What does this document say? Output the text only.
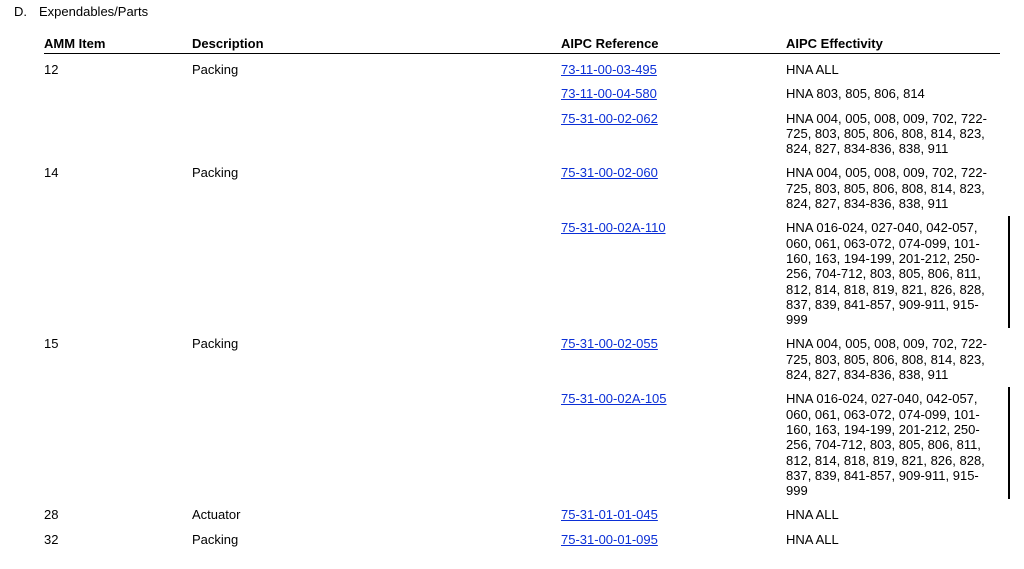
D. Expendables/Parts
AMM Item	Description	AIPC Reference	AIPC Effectivity
12	Packing	73-11-00-03-495	HNA ALL
		73-11-00-04-580	HNA 803, 805, 806, 814
		75-31-00-02-062	HNA 004, 005, 008, 009, 702, 722-725, 803, 805, 806, 808, 814, 823, 824, 827, 834-836, 838, 911
14	Packing	75-31-00-02-060	HNA 004, 005, 008, 009, 702, 722-725, 803, 805, 806, 808, 814, 823, 824, 827, 834-836, 838, 911
		75-31-00-02A-110	HNA 016-024, 027-040, 042-057, 060, 061, 063-072, 074-099, 101-160, 163, 194-199, 201-212, 250-256, 704-712, 803, 805, 806, 811, 812, 814, 818, 819, 821, 826, 828, 837, 839, 841-857, 909-911, 915-999
15	Packing	75-31-00-02-055	HNA 004, 005, 008, 009, 702, 722-725, 803, 805, 806, 808, 814, 823, 824, 827, 834-836, 838, 911
		75-31-00-02A-105	HNA 016-024, 027-040, 042-057, 060, 061, 063-072, 074-099, 101-160, 163, 194-199, 201-212, 250-256, 704-712, 803, 805, 806, 811, 812, 814, 818, 819, 821, 826, 828, 837, 839, 841-857, 909-911, 915-999
28	Actuator	75-31-01-01-045	HNA ALL
32	Packing	75-31-00-01-095	HNA ALL
